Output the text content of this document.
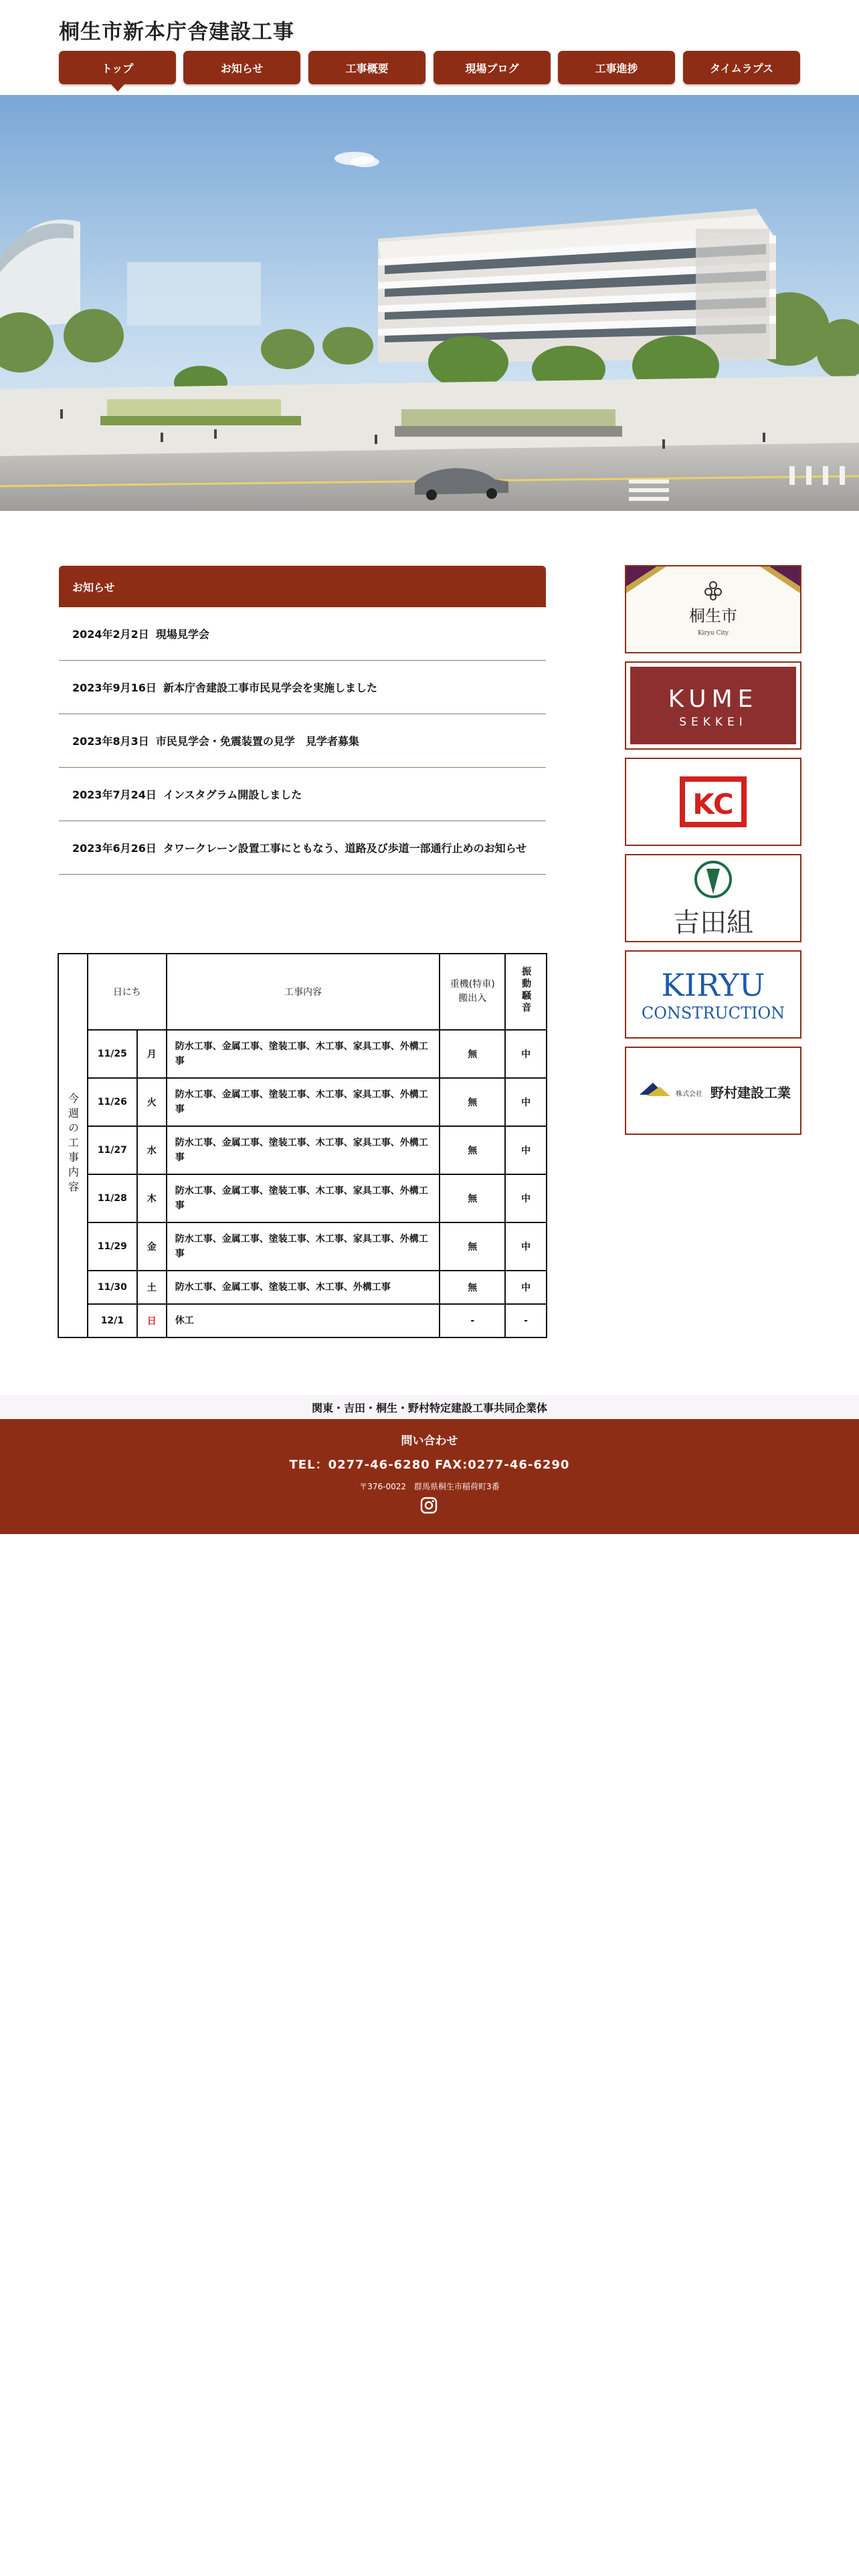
桐生市新本庁舎建設工事
トップ	お知らせ	工事概要	現場ブログ	工事進捗	タイムラプス
お知らせ
2024年2月2日 現場見学会
2023年9月16日 新本庁舎建設工事市民見学会を実施しました
2023年8月3日 市民見学会・免震装置の見学　見学者募集
2023年7月24日 インスタグラム開設しました
2023年6月26日 タワークレーン設置工事にともなう、道路及び歩道一部通行止めのお知らせ
桐生市
Kiryu City
KUME
SEKKEI
KC
吉田組
KIRYU
CONSTRUCTION
株式会社 野村建設工業
今週の工事内容	日にち		工事内容	重機(特車)搬出入	振動騒音
	11/25	月	防水工事、金属工事、塗装工事、木工事、家具工事、外構工事	無	中
	11/26	火	防水工事、金属工事、塗装工事、木工事、家具工事、外構工事	無	中
	11/27	水	防水工事、金属工事、塗装工事、木工事、家具工事、外構工事	無	中
	11/28	木	防水工事、金属工事、塗装工事、木工事、家具工事、外構工事	無	中
	11/29	金	防水工事、金属工事、塗装工事、木工事、家具工事、外構工事	無	中
	11/30	土	防水工事、金属工事、塗装工事、木工事、外構工事	無	中
	12/1	日	休工	-	-
関東・吉田・桐生・野村特定建設工事共同企業体
問い合わせ
TEL：0277-46-6280 FAX:0277-46-6290
〒376-0022　群馬県桐生市稲荷町3番
